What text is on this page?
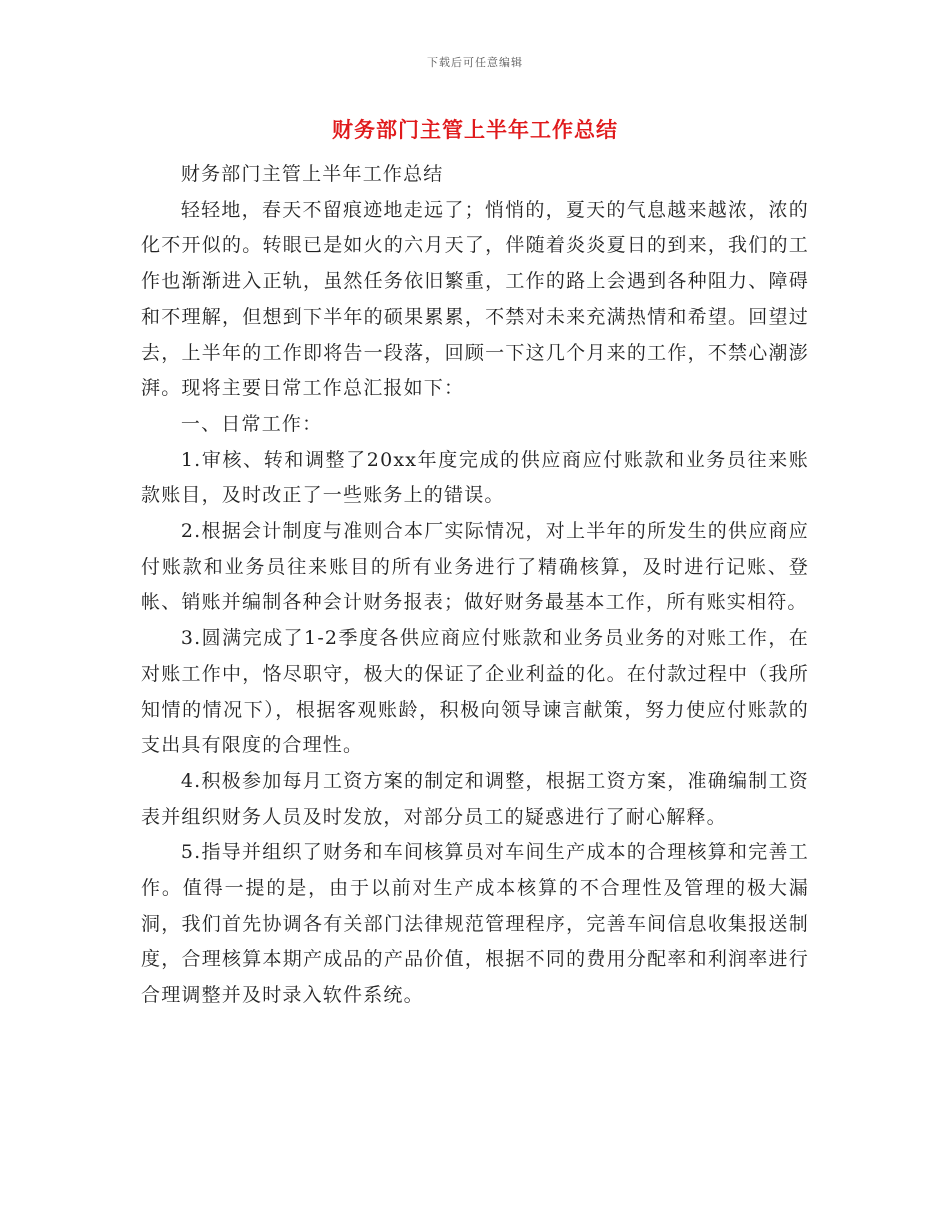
下载后可任意编辑
财务部门主管上半年工作总结

财务部门主管上半年工作总结

轻轻地，春天不留痕迹地走远了；悄悄的，夏天的气息越来越浓，浓的化不开似的。转眼已是如火的六月天了，伴随着炎炎夏日的到来，我们的工作也渐渐进入正轨，虽然任务依旧繁重，工作的路上会遇到各种阻力、障碍和不理解，但想到下半年的硕果累累，不禁对未来充满热情和希望。回望过去，上半年的工作即将告一段落，回顾一下这几个月来的工作，不禁心潮澎湃。现将主要日常工作总汇报如下：

一、日常工作：

1.审核、转和调整了20xx年度完成的供应商应付账款和业务员往来账款账目，及时改正了一些账务上的错误。

2.根据会计制度与准则合本厂实际情况，对上半年的所发生的供应商应付账款和业务员往来账目的所有业务进行了精确核算，及时进行记账、登帐、销账并编制各种会计财务报表；做好财务最基本工作，所有账实相符。

3.圆满完成了1-2季度各供应商应付账款和业务员业务的对账工作，在对账工作中，恪尽职守，极大的保证了企业利益的化。在付款过程中（我所知情的情况下），根据客观账龄，积极向领导谏言献策，努力使应付账款的支出具有限度的合理性。

4.积极参加每月工资方案的制定和调整，根据工资方案，准确编制工资表并组织财务人员及时发放，对部分员工的疑惑进行了耐心解释。

5.指导并组织了财务和车间核算员对车间生产成本的合理核算和完善工作。值得一提的是，由于以前对生产成本核算的不合理性及管理的极大漏洞，我们首先协调各有关部门法律规范管理程序，完善车间信息收集报送制度，合理核算本期产成品的产品价值，根据不同的费用分配率和利润率进行合理调整并及时录入软件系统。
